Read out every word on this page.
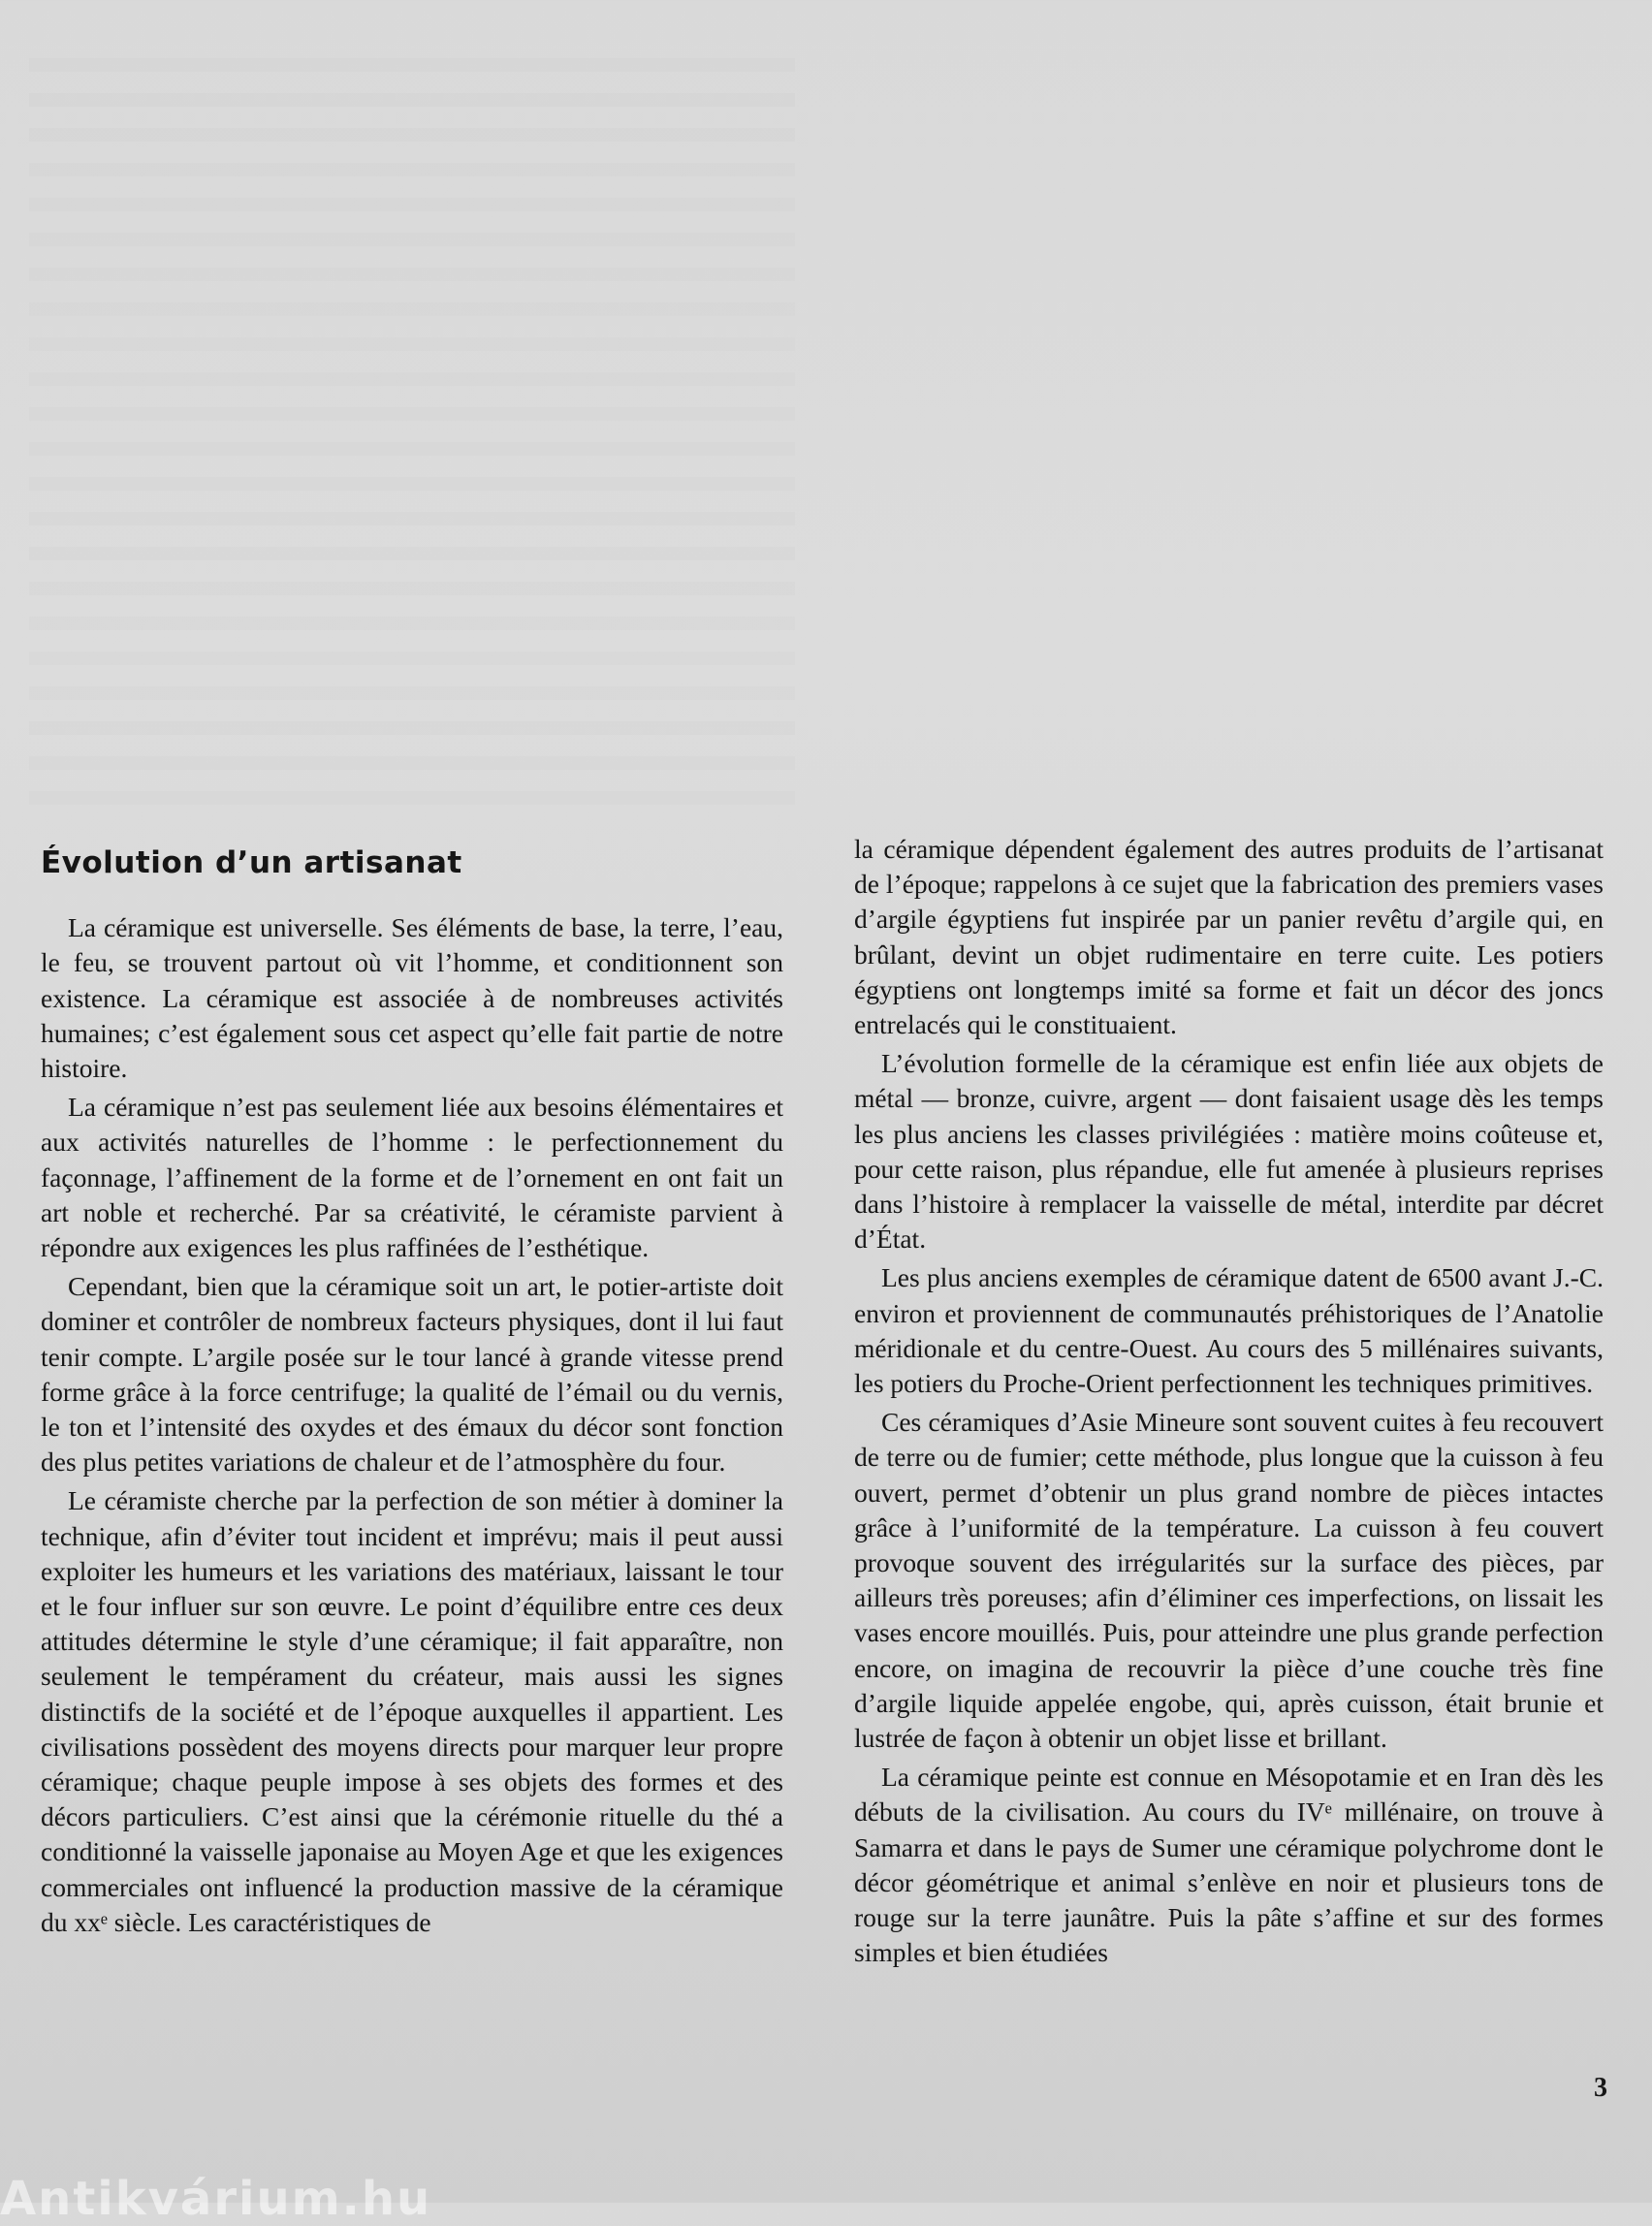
Évolution d’un artisanat

La céramique est universelle. Ses éléments de base, la terre, l’eau, le feu, se trouvent partout où vit l’homme, et conditionnent son existence. La céramique est associée à de nombreuses activités humaines; c’est également sous cet aspect qu’elle fait partie de notre histoire.

La céramique n’est pas seulement liée aux besoins élémentaires et aux activités naturelles de l’homme : le perfectionnement du façonnage, l’affinement de la forme et de l’ornement en ont fait un art noble et recherché. Par sa créativité, le céramiste parvient à répondre aux exigences les plus raffinées de l’esthétique.

Cependant, bien que la céramique soit un art, le potier-artiste doit dominer et contrôler de nombreux facteurs physiques, dont il lui faut tenir compte. L’argile posée sur le tour lancé à grande vitesse prend forme grâce à la force centrifuge; la qualité de l’émail ou du vernis, le ton et l’intensité des oxydes et des émaux du décor sont fonction des plus petites variations de chaleur et de l’atmosphère du four.

Le céramiste cherche par la perfection de son métier à dominer la technique, afin d’éviter tout incident et imprévu; mais il peut aussi exploiter les humeurs et les variations des matériaux, laissant le tour et le four influer sur son œuvre. Le point d’équilibre entre ces deux attitudes détermine le style d’une céramique; il fait apparaître, non seulement le tempérament du créateur, mais aussi les signes distinctifs de la société et de l’époque auxquelles il appartient. Les civilisations possèdent des moyens directs pour marquer leur propre céramique; chaque peuple impose à ses objets des formes et des décors particuliers. C’est ainsi que la cérémonie rituelle du thé a conditionné la vaisselle japonaise au Moyen Age et que les exigences commerciales ont influencé la production massive de la céramique du xxᵉ siècle. Les caractéristiques de

la céramique dépendent également des autres produits de l’artisanat de l’époque; rappelons à ce sujet que la fabrication des premiers vases d’argile égyptiens fut inspirée par un panier revêtu d’argile qui, en brûlant, devint un objet rudimentaire en terre cuite. Les potiers égyptiens ont longtemps imité sa forme et fait un décor des joncs entrelacés qui le constituaient.

L’évolution formelle de la céramique est enfin liée aux objets de métal — bronze, cuivre, argent — dont faisaient usage dès les temps les plus anciens les classes privilégiées : matière moins coûteuse et, pour cette raison, plus répandue, elle fut amenée à plusieurs reprises dans l’histoire à remplacer la vaisselle de métal, interdite par décret d’État.

Les plus anciens exemples de céramique datent de 6500 avant J.-C. environ et proviennent de communautés préhistoriques de l’Anatolie méridionale et du centre-Ouest. Au cours des 5 millénaires suivants, les potiers du Proche-Orient perfectionnent les techniques primitives.

Ces céramiques d’Asie Mineure sont souvent cuites à feu recouvert de terre ou de fumier; cette méthode, plus longue que la cuisson à feu ouvert, permet d’obtenir un plus grand nombre de pièces intactes grâce à l’uniformité de la température. La cuisson à feu couvert provoque souvent des irrégularités sur la surface des pièces, par ailleurs très poreuses; afin d’éliminer ces imperfections, on lissait les vases encore mouillés. Puis, pour atteindre une plus grande perfection encore, on imagina de recouvrir la pièce d’une couche très fine d’argile liquide appelée engobe, qui, après cuisson, était brunie et lustrée de façon à obtenir un objet lisse et brillant.

La céramique peinte est connue en Mésopotamie et en Iran dès les débuts de la civilisation. Au cours du IVᵉ millénaire, on trouve à Samarra et dans le pays de Sumer une céramique polychrome dont le décor géométrique et animal s’enlève en noir et plusieurs tons de rouge sur la terre jaunâtre. Puis la pâte s’affine et sur des formes simples et bien étudiées

3
Antikvárium.hu
